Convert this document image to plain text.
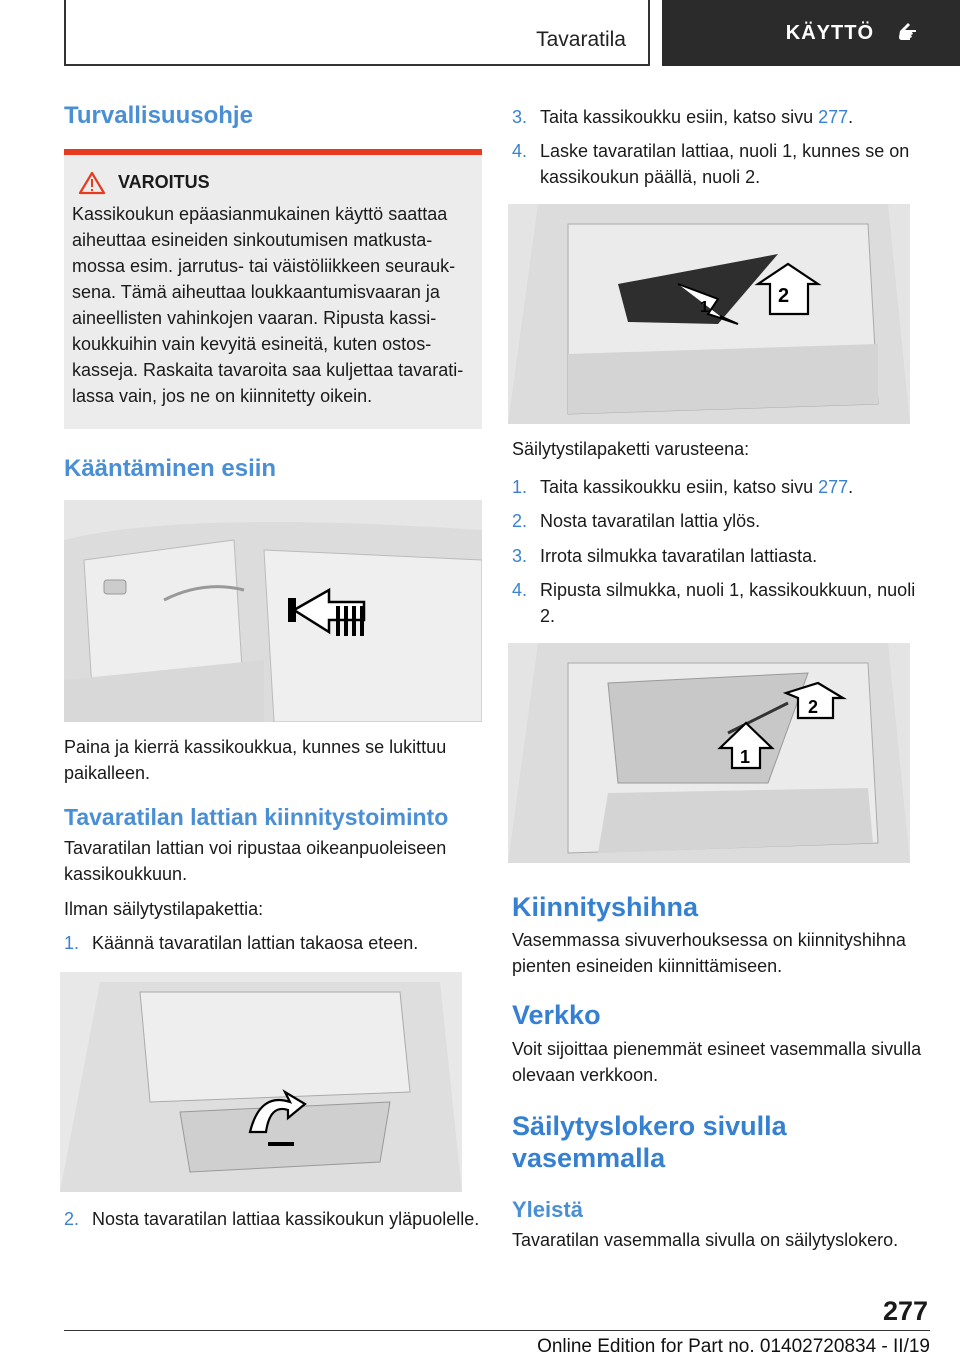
Tavaratila	KÄYTTÖ
Turvallisuusohje
VAROITUS

Kassikoukun epäasianmukainen käyttö saattaa aiheuttaa esineiden sinkoutumisen matkustamossa esim. jarrutus- tai väistöliikkeen seurauksena. Tämä aiheuttaa loukkaantumisvaaran ja aineellisten vahinkojen vaaran. Ripusta kassikoukkuihin vain kevyitä esineitä, kuten ostoskasseja. Raskaita tavaroita saa kuljettaa tavaratilassa vain, jos ne on kiinnitetty oikein.

Kääntäminen esiin

Paina ja kierrä kassikoukkua, kunnes se lukittuu paikalleen.

Tavaratilan lattian kiinnitystoiminto

Tavaratilan lattian voi ripustaa oikeanpuoleiseen kassikoukkuun.

Ilman säilytystilapakettia:

1. Käännä tavaratilan lattian takaosa eteen.
2. Nosta tavaratilan lattiaa kassikoukun yläpuolelle.
3. Taita kassikoukku esiin, katso sivu 277.
4. Laske tavaratilan lattiaa, nuoli 1, kunnes se on kassikoukun päällä, nuoli 2.
2
1

Säilytystilapaketti varusteena:

1. Taita kassikoukku esiin, katso sivu 277.
2. Nosta tavaratilan lattia ylös.
3. Irrota silmukka tavaratilan lattiasta.
4. Ripusta silmukka, nuoli 1, kassikoukkuun, nuoli 2.
1
2
Kiinnityshihna

Vasemmassa sivuverhouksessa on kiinnityshihna pienten esineiden kiinnittämiseen.

Verkko

Voit sijoittaa pienemmät esineet vasemmalla sivulla olevaan verkkoon.

Säilytyslokero sivulla vasemmalla
Yleistä

Tavaratilan vasemmalla sivulla on säilytyslokero.

277
Online Edition for Part no. 01402720834 - II/19
